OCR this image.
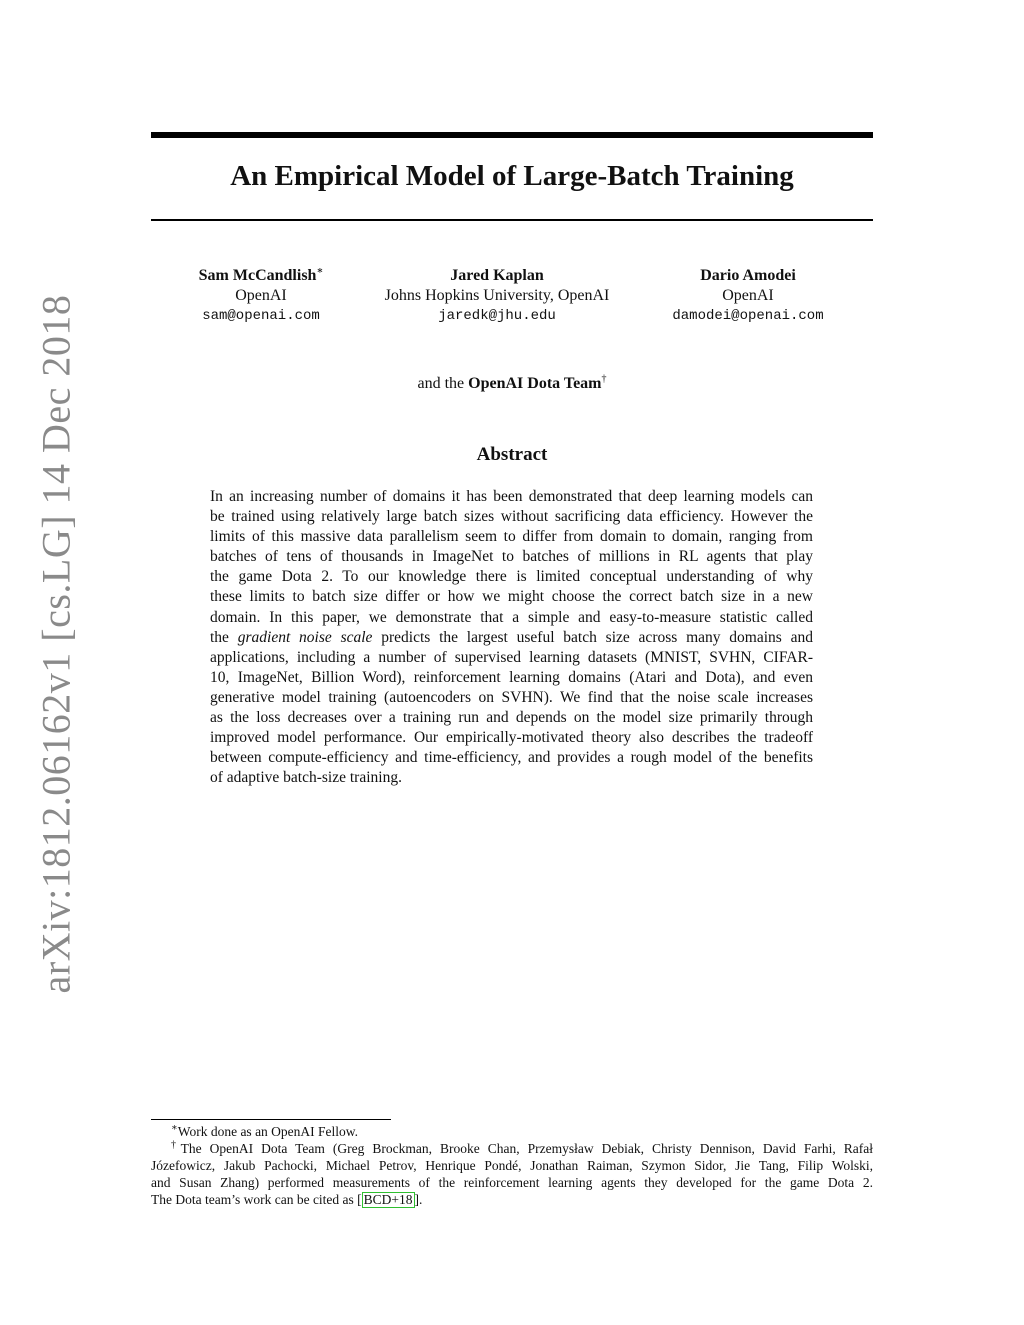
arXiv:1812.06162v1 [cs.LG] 14 Dec 2018
An Empirical Model of Large-Batch Training
Sam McCandlish∗
OpenAI
sam@openai.com
Jared Kaplan
Johns Hopkins University, OpenAI
jaredk@jhu.edu
Dario Amodei
OpenAI
damodei@openai.com
and the OpenAI Dota Team†
Abstract
In an increasing number of domains it has been demonstrated that deep learning models can
be trained using relatively large batch sizes without sacrificing data efficiency. However the
limits of this massive data parallelism seem to differ from domain to domain, ranging from
batches of tens of thousands in ImageNet to batches of millions in RL agents that play
the game Dota 2. To our knowledge there is limited conceptual understanding of why
these limits to batch size differ or how we might choose the correct batch size in a new
domain. In this paper, we demonstrate that a simple and easy-to-measure statistic called
the gradient noise scale predicts the largest useful batch size across many domains and
applications, including a number of supervised learning datasets (MNIST, SVHN, CIFAR-
10, ImageNet, Billion Word), reinforcement learning domains (Atari and Dota), and even
generative model training (autoencoders on SVHN). We find that the noise scale increases
as the loss decreases over a training run and depends on the model size primarily through
improved model performance. Our empirically-motivated theory also describes the tradeoff
between compute-efficiency and time-efficiency, and provides a rough model of the benefits
of adaptive batch-size training.
∗Work done as an OpenAI Fellow.
†The OpenAI Dota Team (Greg Brockman, Brooke Chan, Przemysław Debiak, Christy Dennison, David Farhi, Rafał
Józefowicz, Jakub Pachocki, Michael Petrov, Henrique Pondé, Jonathan Raiman, Szymon Sidor, Jie Tang, Filip Wolski,
and Susan Zhang) performed measurements of the reinforcement learning agents they developed for the game Dota 2.
The Dota team’s work can be cited as [ BCD+18 ].
